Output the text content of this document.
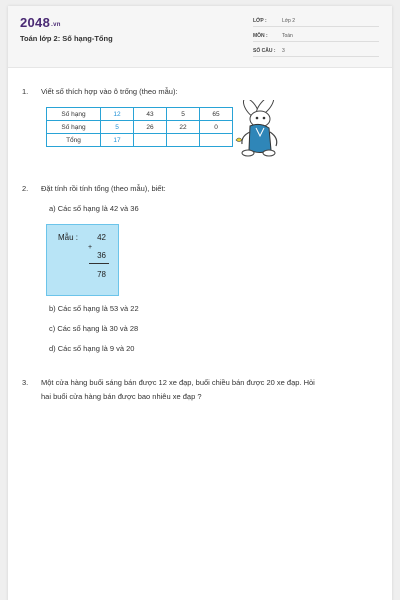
2048.vn
Toán lớp 2: Số hạng-Tổng
LỚP :	Lớp 2
MÔN :	Toán
SỐ CÂU : 3
1. Viết số thích hợp vào ô trống (theo mẫu):
Số hạng	12	43	5	65
Số hạng	5	26	22	0
Tổng	17			
2. Đặt tính rồi tính tổng (theo mẫu), biết:
a) Các số hạng là 42 và 36
Mẫu : 42
+
36
78
b) Các số hạng là 53 và 22
c) Các số hạng là 30 và 28
d) Các số hạng là 9 và 20
3. Một cửa hàng buổi sáng bán được 12 xe đạp, buổi chiều bán được 20 xe đạp. Hỏi
hai buổi cửa hàng bán được bao nhiêu xe đạp ?
